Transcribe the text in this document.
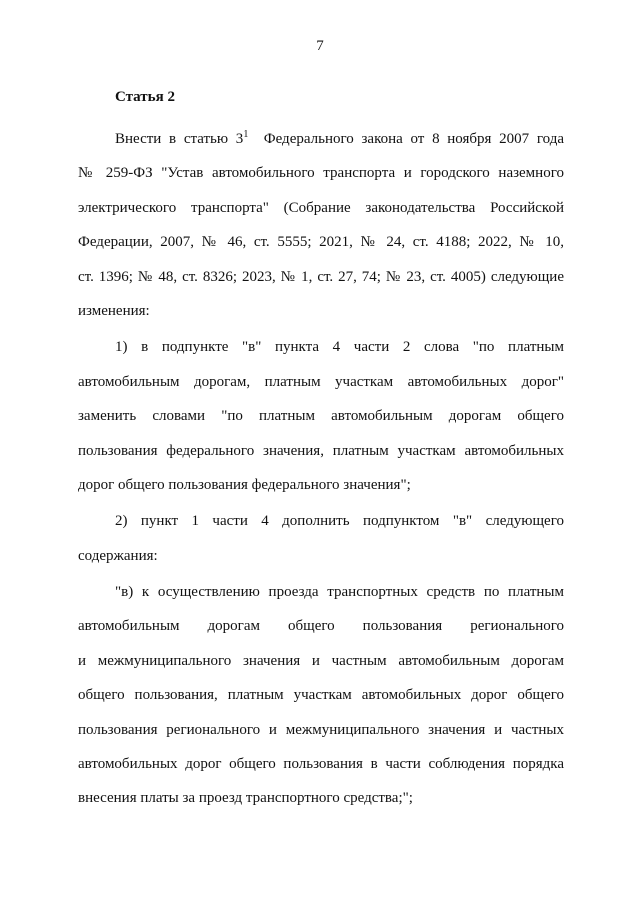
7
Статья 2
Внести в статью $3^1$ Федерального закона от 8 ноября 2007 года
№ 259-ФЗ "Устав автомобильного транспорта и городского наземного
электрического транспорта" (Собрание законодательства Российской
Федерации, 2007, № 46, ст. 5555; 2021, № 24, ст. 4188; 2022, № 10,
ст. 1396; № 48, ст. 8326; 2023, № 1, ст. 27, 74; № 23, ст. 4005) следующие
изменения:
1) в подпункте "в" пункта 4 части 2 слова "по платным
автомобильным дорогам, платным участкам автомобильных дорог"
заменить словами "по платным автомобильным дорогам общего
пользования федерального значения, платным участкам автомобильных
дорог общего пользования федерального значения";
2) пункт 1 части 4 дополнить подпунктом "в" следующего
содержания:
"в) к осуществлению проезда транспортных средств по платным
автомобильным дорогам общего пользования регионального
и межмуниципального значения и частным автомобильным дорогам
общего пользования, платным участкам автомобильных дорог общего
пользования регионального и межмуниципального значения и частных
автомобильных дорог общего пользования в части соблюдения порядка
внесения платы за проезд транспортного средства;";
